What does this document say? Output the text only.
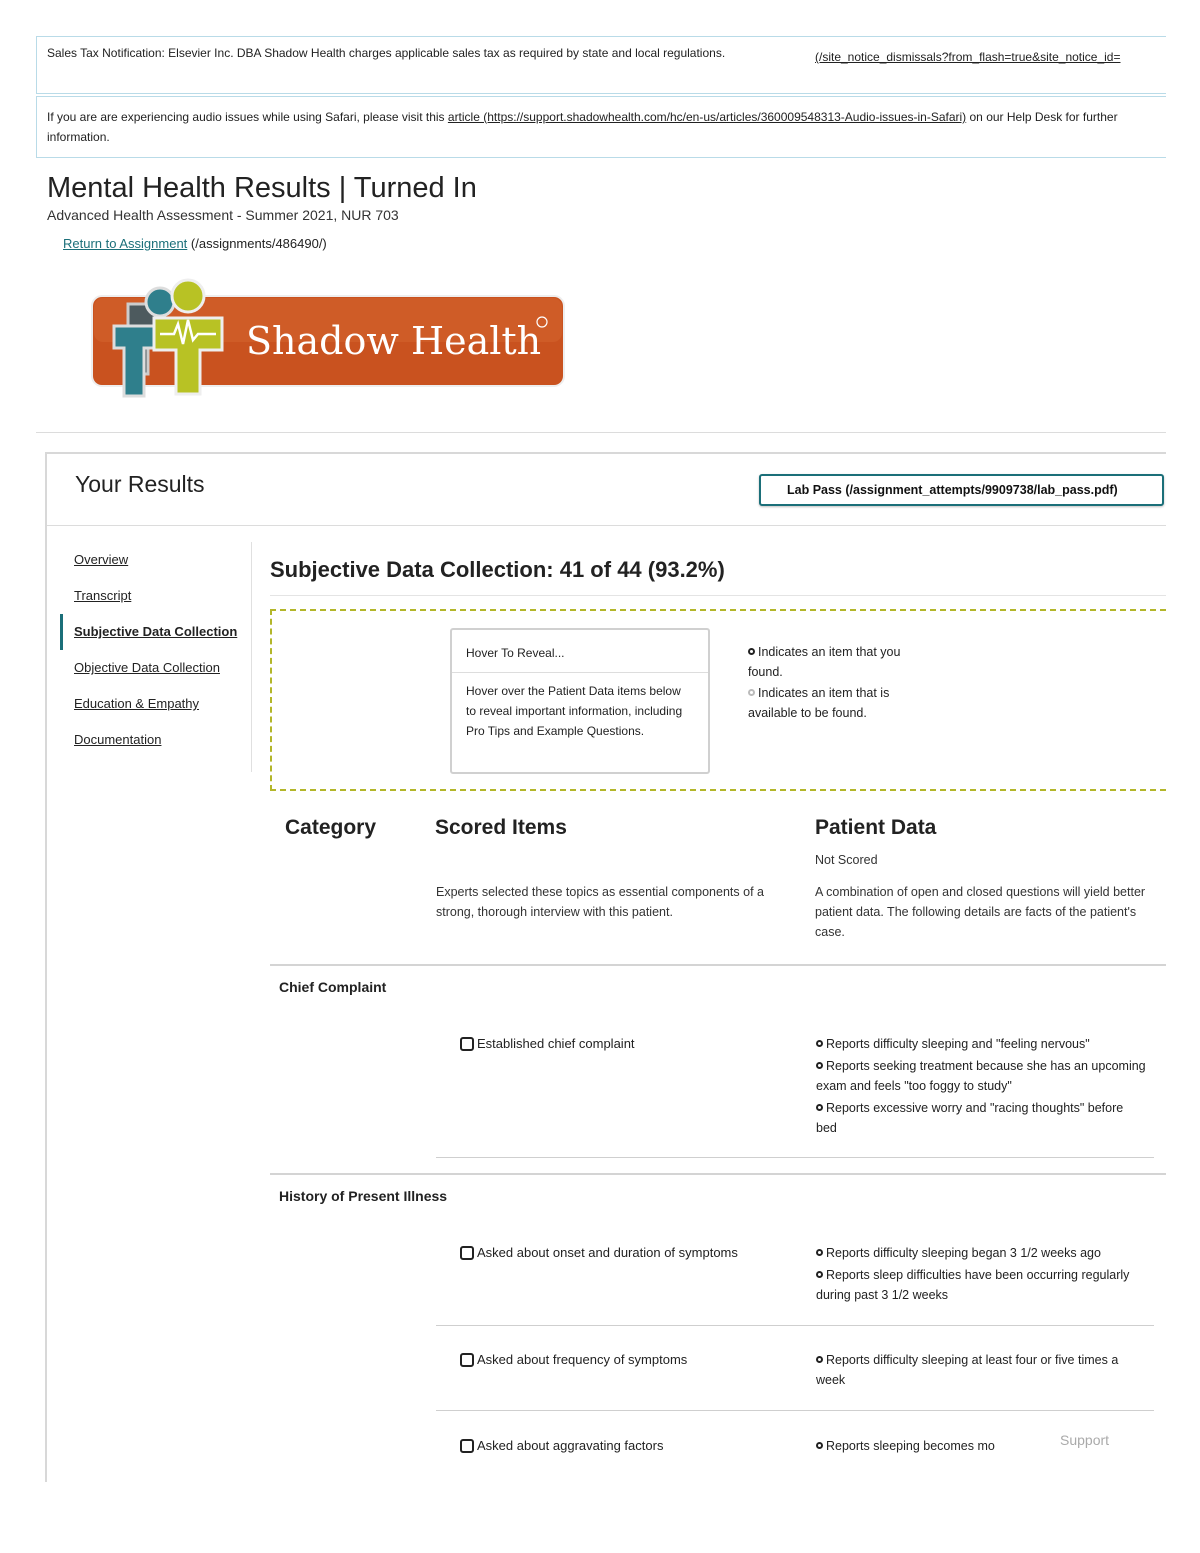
Sales Tax Notification: Elsevier Inc. DBA Shadow Health charges applicable sales tax as required by state and local regulations.	(/site_notice_dismissals?from_flash=true&site_notice_id=
If you are are experiencing audio issues while using Safari, please visit this article (https://support.shadowhealth.com/hc/en-us/articles/360009548313-Audio-issues-in-Safari) on our Help Desk for further information.
Mental Health Results | Turned In
Advanced Health Assessment - Summer 2021, NUR 703
Return to Assignment (/assignments/486490/)
Shadow Health
Your Results	Lab Pass (/assignment_attempts/9909738/lab_pass.pdf)
Overview
Transcript
Subjective Data Collection
Objective Data Collection
Education & Empathy
Documentation
Subjective Data Collection: 41 of 44 (93.2%)
Hover To Reveal...
Hover over the Patient Data items below to reveal important information, including Pro Tips and Example Questions.
Indicates an item that you found.
Indicates an item that is available to be found.
Category	Scored Items	Patient Data
Not Scored
Experts selected these topics as essential components of a strong, thorough interview with this patient.
A combination of open and closed questions will yield better patient data. The following details are facts of the patient's case.
Chief Complaint
Established chief complaint	Reports difficulty sleeping and "feeling nervous"
Reports seeking treatment because she has an upcoming exam and feels "too foggy to study"
Reports excessive worry and "racing thoughts" before bed
History of Present Illness
Asked about onset and duration of symptoms	Reports difficulty sleeping began 3 1/2 weeks ago
Reports sleep difficulties have been occurring regularly during past 3 1/2 weeks
Asked about frequency of symptoms	Reports difficulty sleeping at least four or five times a week
Asked about aggravating factors	Reports sleeping becomes mo	Support
